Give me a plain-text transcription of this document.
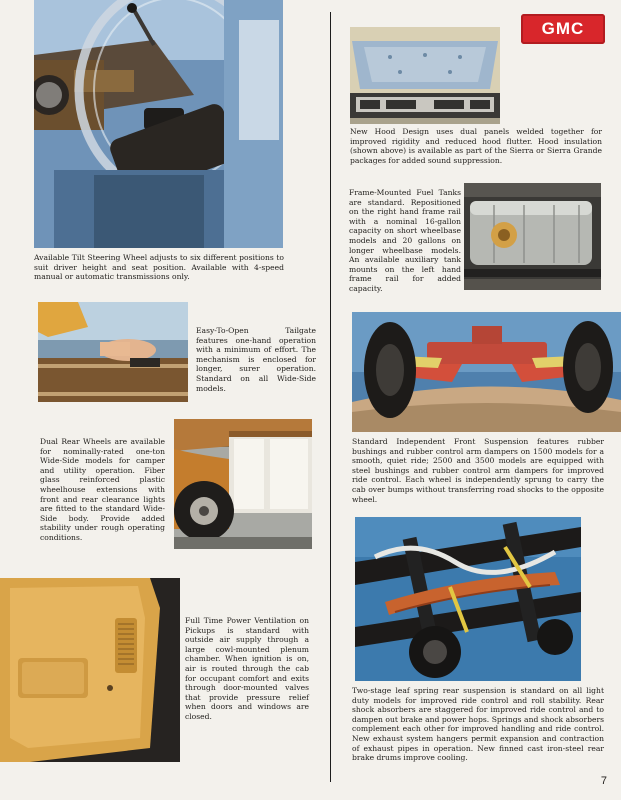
Available Tilt Steering Wheel adjusts to six different positions to suit driver height and seat position. Available with 4-speed manual or automatic transmissions only.

Easy-To-Open Tailgate features one-hand operation with a minimum of effort. The mechanism is enclosed for longer, surer operation. Standard on all Wide-Side models.

Dual Rear Wheels are available for nominally-rated one-ton Wide-Side models for camper and utility operation. Fiber glass reinforced plastic wheelhouse extensions with front and rear clearance lights are fitted to the standard Wide-Side body. Provide added stability under rough operating conditions.

Full Time Power Ventilation on Pickups is standard with outside air supply through a large cowl-mounted plenum chamber. When ignition is on, air is routed through the cab for occupant comfort and exits through door-mounted valves that provide pressure relief when doors and windows are closed.

GMC

New Hood Design uses dual panels welded together for improved rigidity and reduced hood flutter. Hood insulation (shown above) is available as part of the Sierra or Sierra Grande packages for added sound suppression.

Frame-Mounted Fuel Tanks are standard. Repositioned on the right hand frame rail with a nominal 16-gallon capacity on short wheelbase models and 20 gallons on longer wheelbase models. An available auxiliary tank mounts on the left hand frame rail for added capacity.

Standard Independent Front Suspension features rubber bushings and rubber control arm dampers on 1500 models for a smooth, quiet ride; 2500 and 3500 models are equipped with steel bushings and rubber control arm dampers for improved ride control. Each wheel is independently sprung to carry the cab over bumps without transferring road shocks to the opposite wheel.

Two-stage leaf spring rear suspension is standard on all light duty models for improved ride control and roll stability. Rear shock absorbers are staggered for improved ride control and to dampen out brake and power hops. Springs and shock absorbers complement each other for improved handling and ride control. New exhaust system hangers permit expansion and contraction of exhaust pipes in operation. New finned cast iron-steel rear brake drums improve cooling.

7
